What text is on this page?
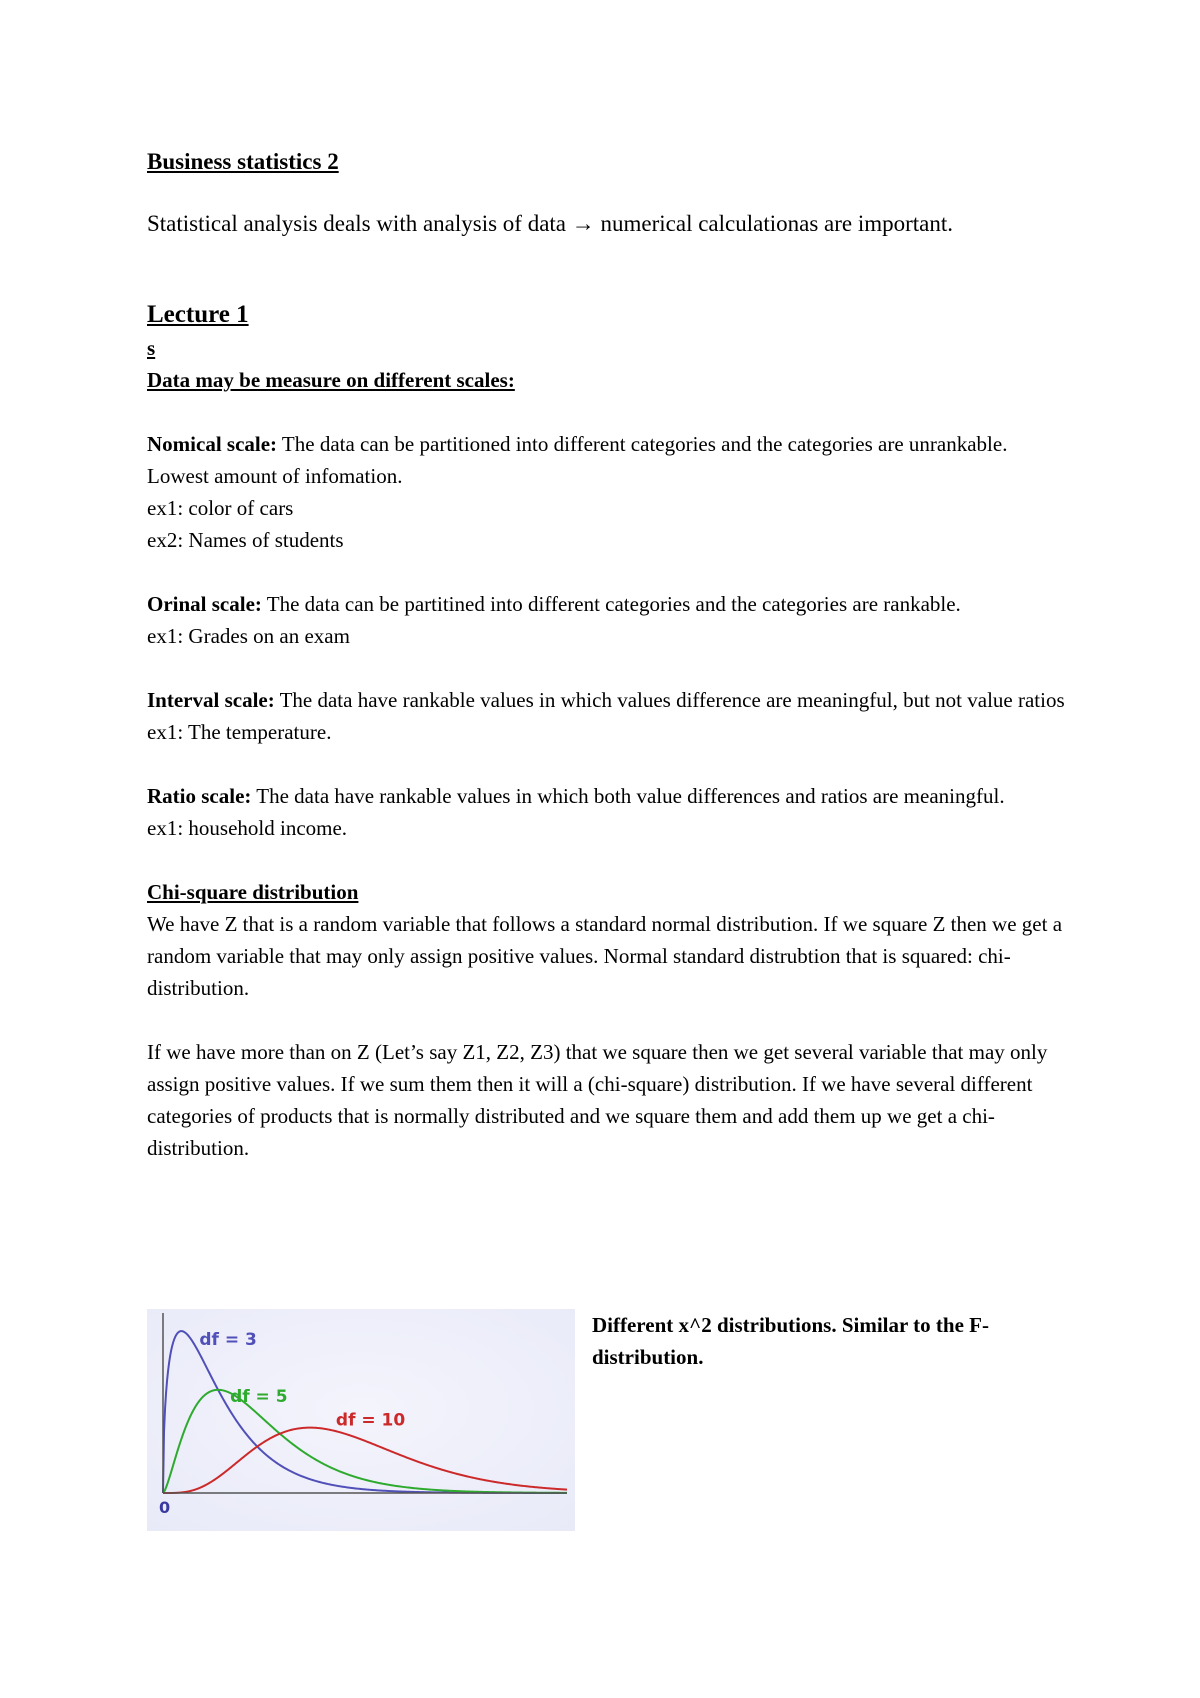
Business statistics 2

Statistical analysis deals with analysis of data → numerical calculationas are important.

Lecture 1

s

Data may be measure on different scales:

Nomical scale: The data can be partitioned into different categories and the categories are unrankable. Lowest amount of infomation.

ex1: color of cars

ex2: Names of students

Orinal scale: The data can be partitined into different categories and the categories are rankable.

ex1: Grades on an exam

Interval scale: The data have rankable values in which values difference are meaningful, but not value ratios

ex1: The temperature.

Ratio scale: The data have rankable values in which both value differences and ratios are meaningful.

ex1: household income.

Chi-square distribution

We have Z that is a random variable that follows a standard normal distribution. If we square Z then we get a random variable that may only assign positive values. Normal standard distrubtion that is squared: chi-distribution.

If we have more than on Z (Let’s say Z1, Z2, Z3) that we square then we get several variable that may only assign positive values. If we sum them then it will a (chi-square) distribution. If we have several different categories of products that is normally distributed and we square them and add them up we get a chi-distribution.

df = 3
df = 5
df = 10
0

Different x^2 distributions. Similar to the F-distribution.
